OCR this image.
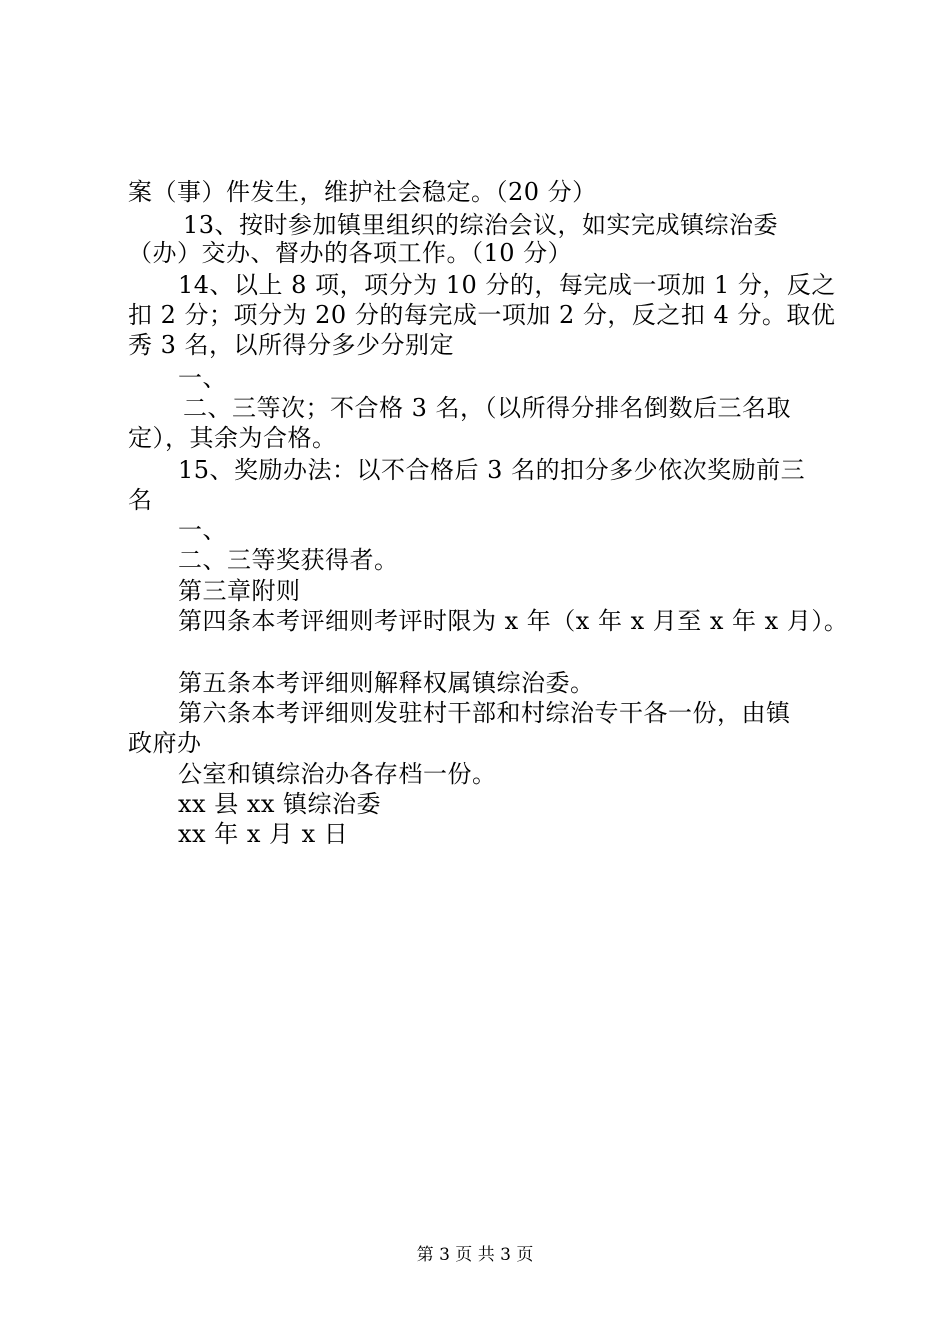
案（事）件发生，维护社会稳定。（20 分）
13、按时参加镇里组织的综治会议，如实完成镇综治委
（办）交办、督办的各项工作。（10 分）
14、以上 8 项，项分为 10 分的，每完成一项加 1 分，反之
扣 2 分；项分为 20 分的每完成一项加 2 分，反之扣 4 分。取优
秀 3 名，以所得分多少分别定
一、
二、三等次；不合格 3 名，（以所得分排名倒数后三名取
定），其余为合格。
15、奖励办法：以不合格后 3 名的扣分多少依次奖励前三
名
一、
二、三等奖获得者。
第三章附则
第四条本考评细则考评时限为 x 年（x 年 x 月至 x 年 x 月）。
第五条本考评细则解释权属镇综治委。
第六条本考评细则发驻村干部和村综治专干各一份，由镇
政府办
公室和镇综治办各存档一份。
xx 县 xx 镇综治委
xx 年 x 月 x 日
第 3 页 共 3 页
